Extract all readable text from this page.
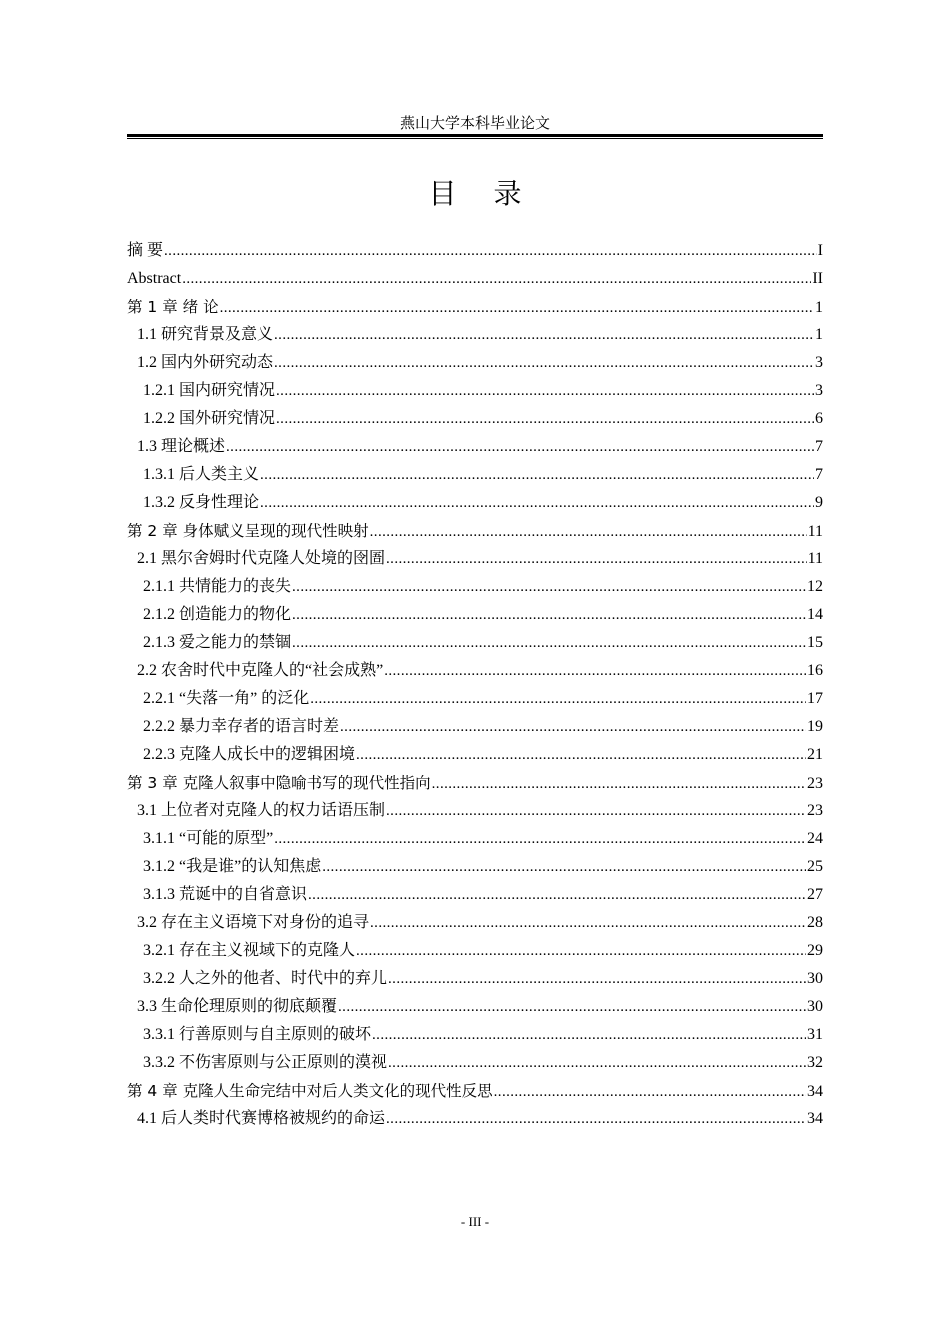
燕山大学本科毕业论文
目 录
摘 要 .....	I
Abstract .....	II
第 1 章 绪 论 .....	1
1.1 研究背景及意义 .....	1
1.2 国内外研究动态 .....	3
1.2.1 国内研究情况 .....	3
1.2.2 国外研究情况 .....	6
1.3 理论概述 .....	7
1.3.1 后人类主义 .....	7
1.3.2 反身性理论 .....	9
第 2 章 身体赋义呈现的现代性映射 .....	11
2.1 黑尔舍姆时代克隆人处境的囹圄 .....	11
2.1.1 共情能力的丧失 .....	12
2.1.2 创造能力的物化 .....	14
2.1.3 爱之能力的禁锢 .....	15
2.2 农舍时代中克隆人的“社会成熟” .....	16
2.2.1 “失落一角” 的泛化 .....	17
2.2.2 暴力幸存者的语言时差 .....	19
2.2.3 克隆人成长中的逻辑困境 .....	21
第 3 章 克隆人叙事中隐喻书写的现代性指向 .....	23
3.1 上位者对克隆人的权力话语压制 .....	23
3.1.1 “可能的原型” .....	24
3.1.2 “我是谁”的认知焦虑 .....	25
3.1.3 荒诞中的自省意识 .....	27
3.2 存在主义语境下对身份的追寻 .....	28
3.2.1 存在主义视域下的克隆人 .....	29
3.2.2 人之外的他者、时代中的弃儿 .....	30
3.3 生命伦理原则的彻底颠覆 .....	30
3.3.1 行善原则与自主原则的破坏 .....	31
3.3.2 不伤害原则与公正原则的漠视 .....	32
第 4 章 克隆人生命完结中对后人类文化的现代性反思 .....	34
4.1 后人类时代赛博格被规约的命运 .....	34
- III -
